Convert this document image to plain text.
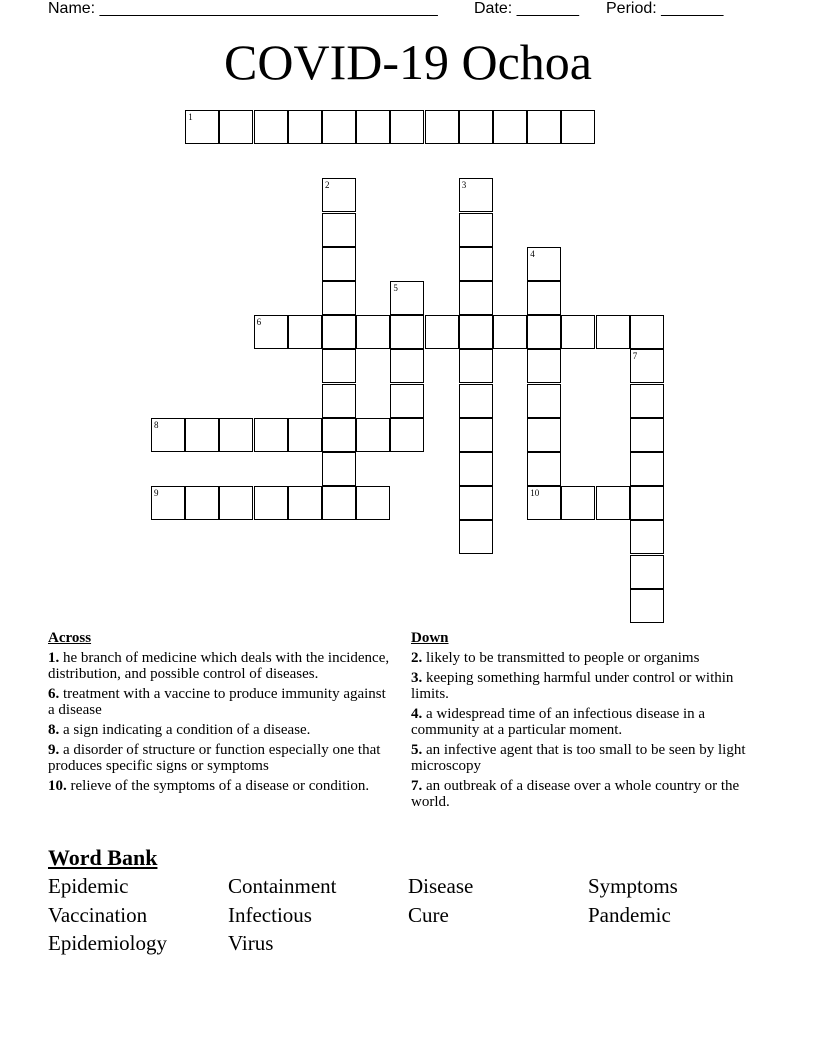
Name: ______________________________________ Date: _______ Period: _______
COVID-19 Ochoa
1
2	3
4
5
6
7
8
9	10
Across
1. he branch of medicine which deals with the incidence, distribution, and possible control of diseases.
6. treatment with a vaccine to produce immunity against a disease
8. a sign indicating a condition of a disease.
9. a disorder of structure or function especially one that produces specific signs or symptoms
10. relieve of the symptoms of a disease or condition.
Down
2. likely to be transmitted to people or organims
3. keeping something harmful under control or within limits.
4. a widespread time of an infectious disease in a community at a particular moment.
5. an infective agent that is too small to be seen by light microscopy
7. an outbreak of a disease over a whole country or the world.
Word Bank
Epidemic	Containment	Disease	Symptoms
Vaccination	Infectious	Cure	Pandemic
Epidemiology	Virus
